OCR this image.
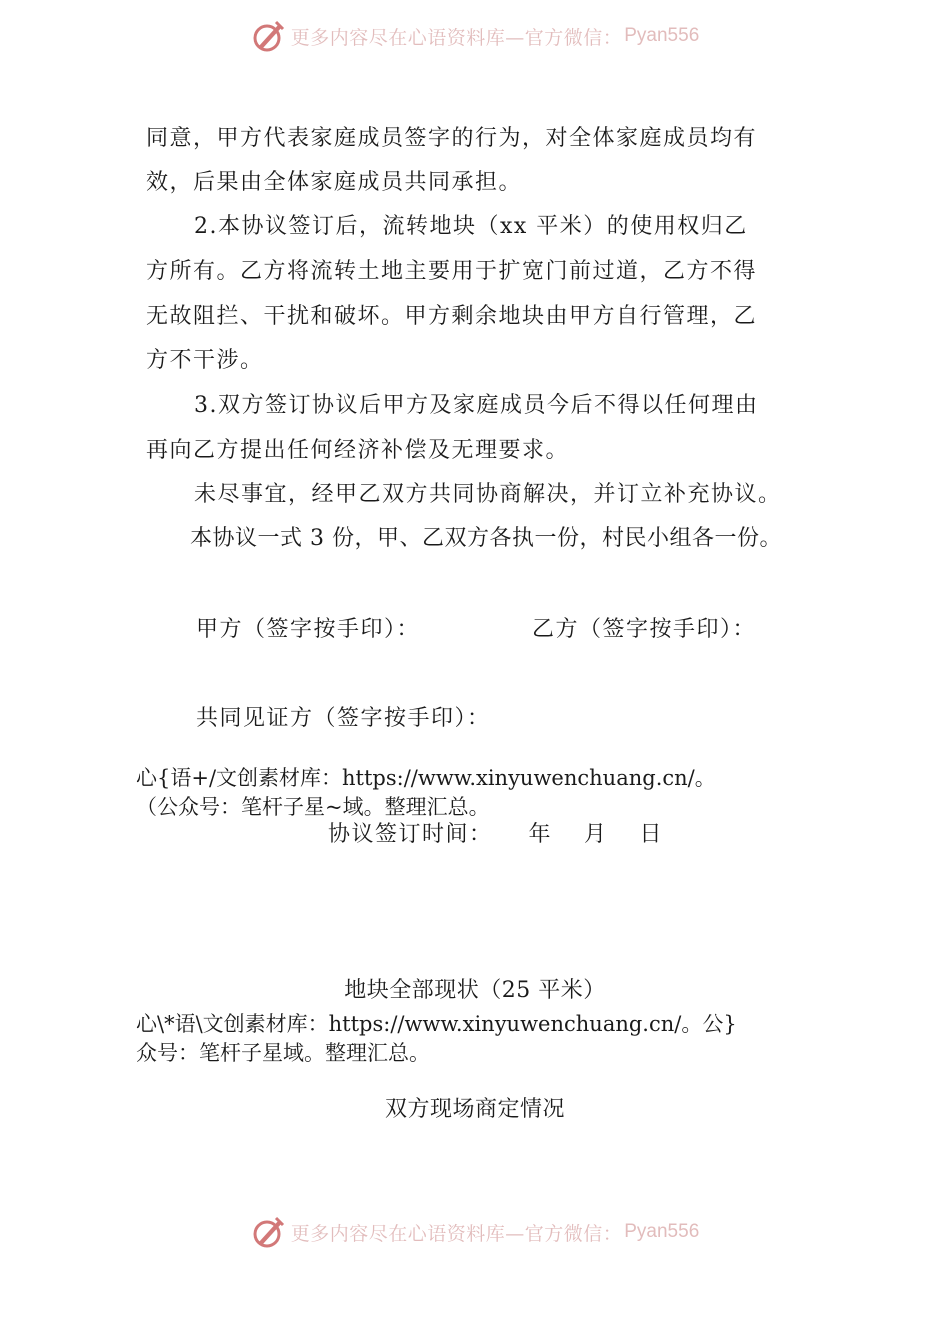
更多内容尽在心语资料库—官方微信： Pyan556

同意，甲方代表家庭成员签字的行为，对全体家庭成员均有

效，后果由全体家庭成员共同承担。

2.本协议签订后，流转地块（xx 平米）的使用权归乙

方所有。乙方将流转土地主要用于扩宽门前过道，乙方不得

无故阻拦、干扰和破坏。甲方剩余地块由甲方自行管理，乙

方不干涉。

3.双方签订协议后甲方及家庭成员今后不得以任何理由

再向乙方提出任何经济补偿及无理要求。

未尽事宜，经甲乙双方共同协商解决，并订立补充协议。

本协议一式 3 份，甲、乙双方各执一份，村民小组各一份。

甲方（签字按手印）：	乙方（签字按手印）：

共同见证方（签字按手印）：

心{语+/文创素材库：https://www.xinyuwenchuang.cn/。

（公众号：笔杆子星~域。整理汇总。

协议签订时间：　　年　 月　 日

地块全部现状（25 平米）

心\*语\文创素材库：https://www.xinyuwenchuang.cn/。公}

众号：笔杆子星域。整理汇总。

双方现场商定情况

更多内容尽在心语资料库—官方微信： Pyan556
